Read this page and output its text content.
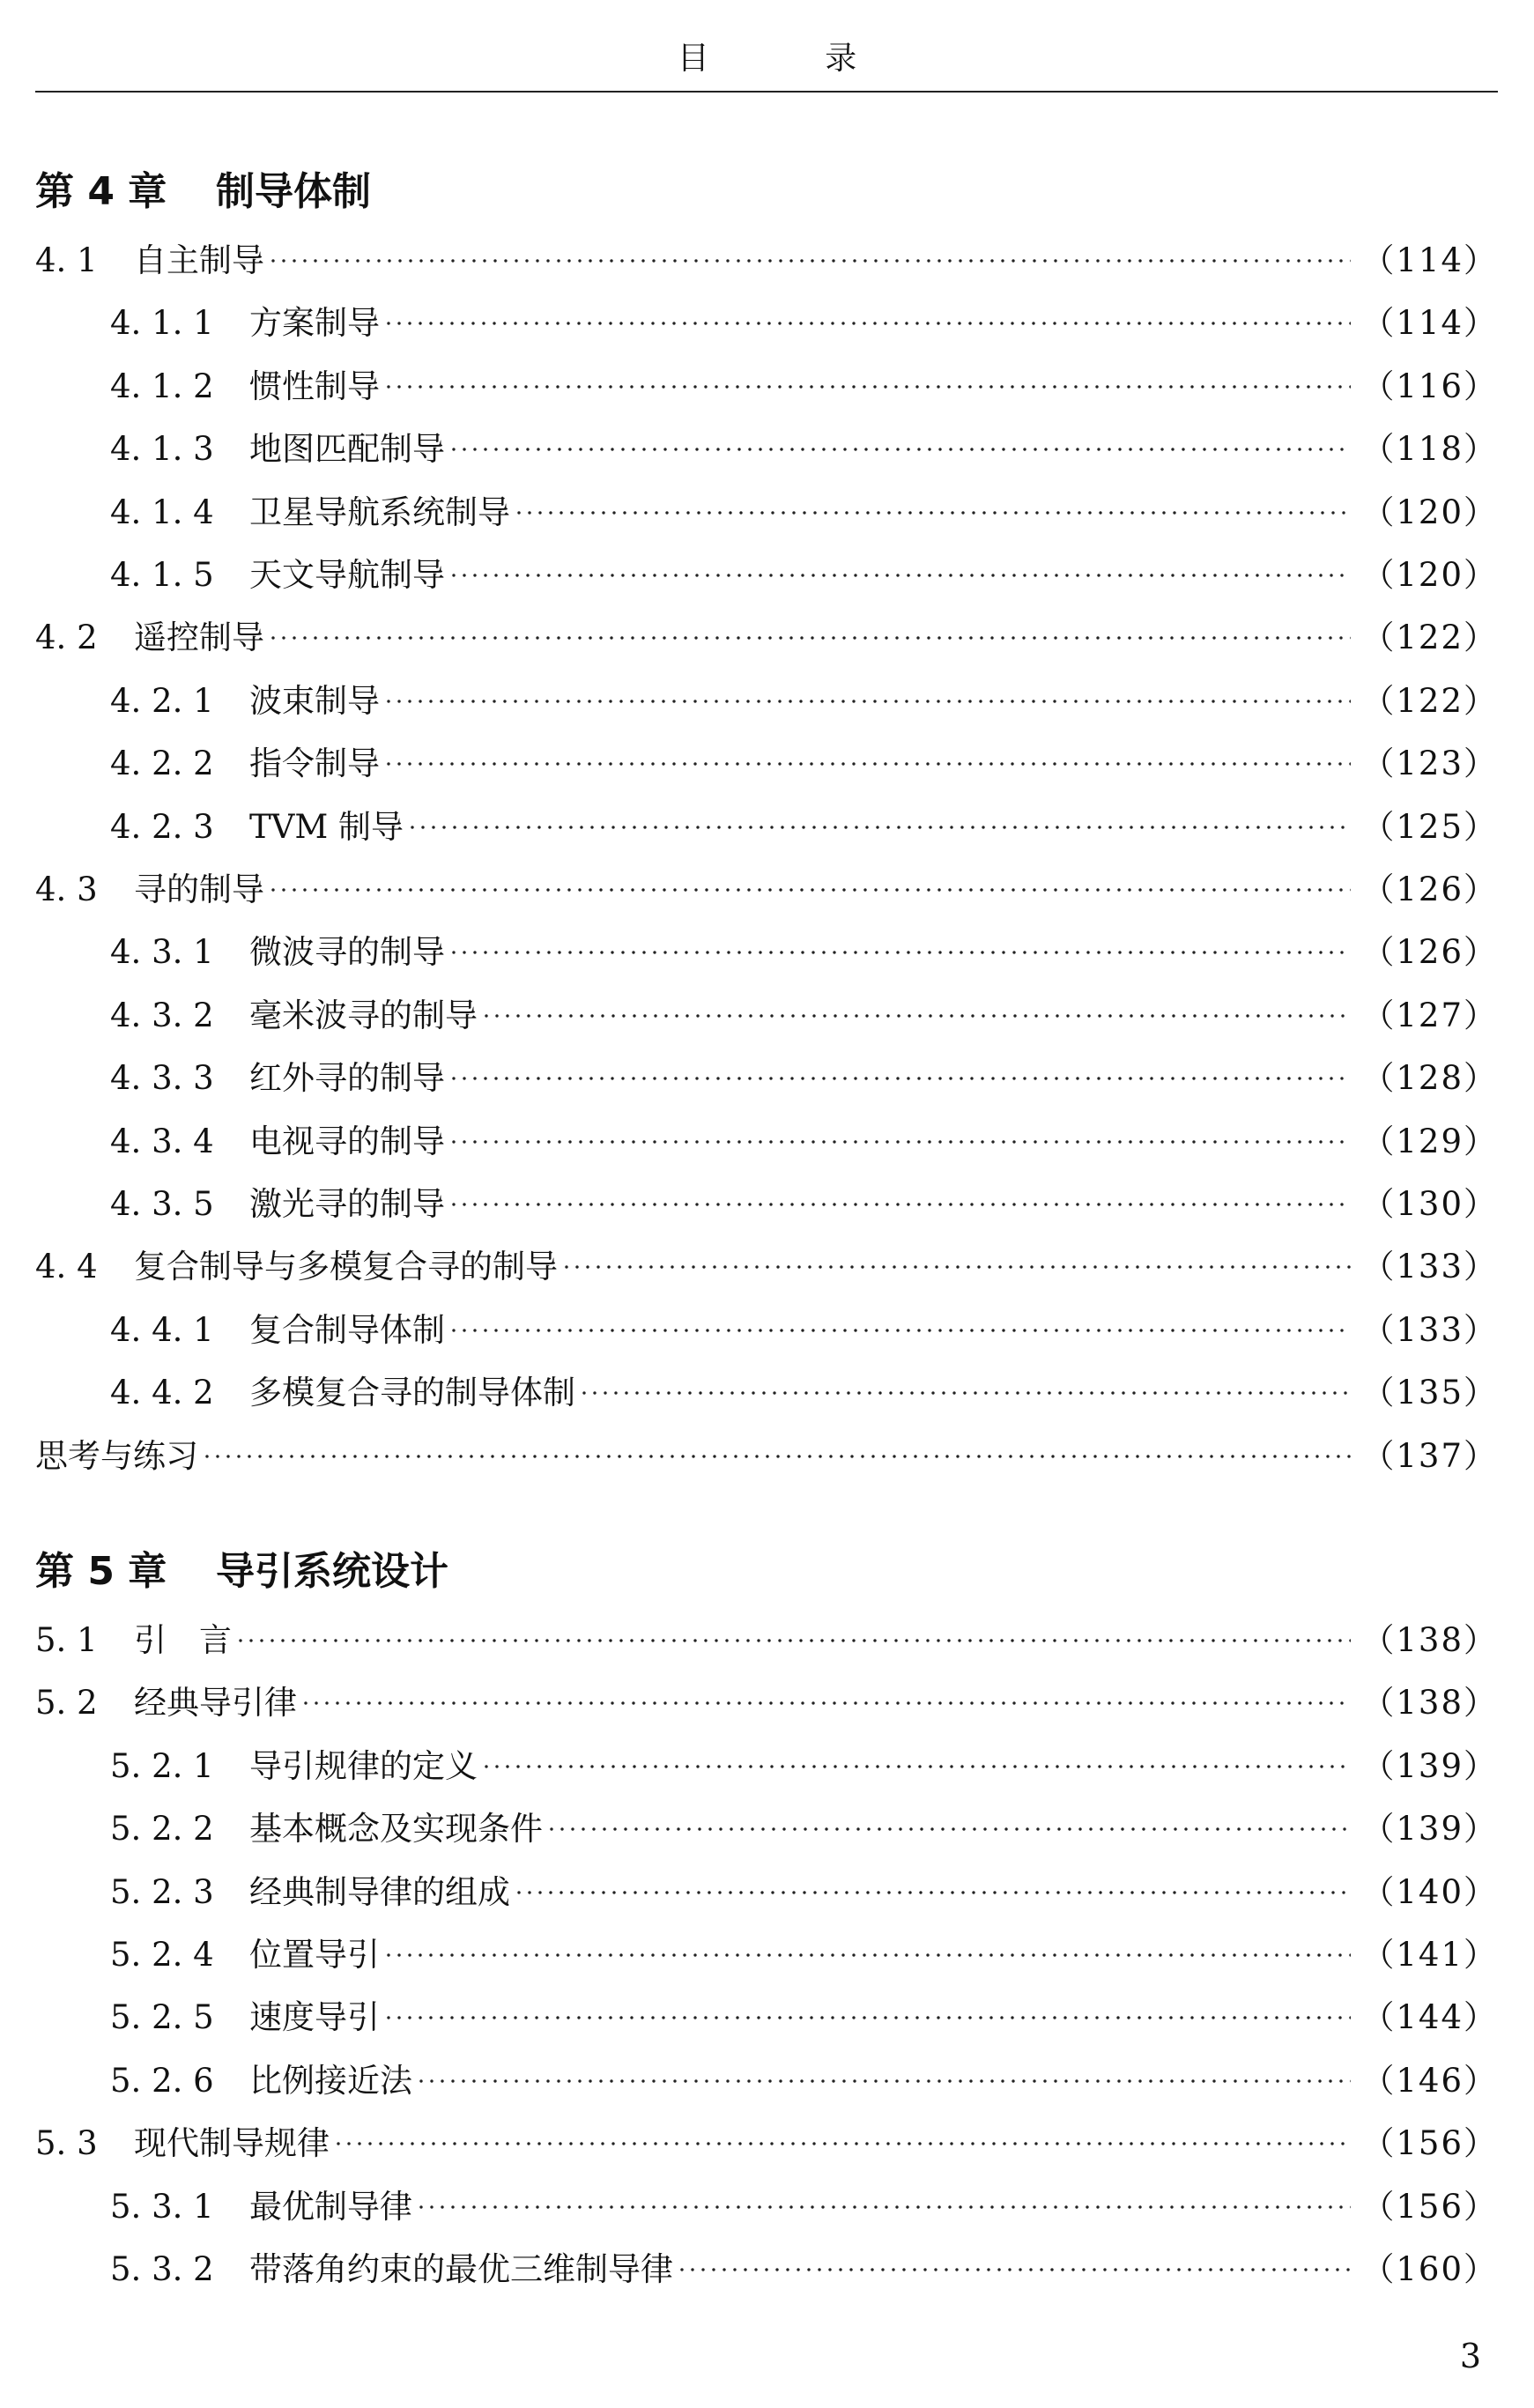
目 录
第 4 章 制导体制
4. 1	自主制导	（114）
4. 1. 1	方案制导	（114）
4. 1. 2	惯性制导	（116）
4. 1. 3	地图匹配制导	（118）
4. 1. 4	卫星导航系统制导	（120）
4. 1. 5	天文导航制导	（120）
4. 2	遥控制导	（122）
4. 2. 1	波束制导	（122）
4. 2. 2	指令制导	（123）
4. 2. 3	TVM 制导	（125）
4. 3	寻的制导	（126）
4. 3. 1	微波寻的制导	（126）
4. 3. 2	毫米波寻的制导	（127）
4. 3. 3	红外寻的制导	（128）
4. 3. 4	电视寻的制导	（129）
4. 3. 5	激光寻的制导	（130）
4. 4	复合制导与多模复合寻的制导	（133）
4. 4. 1	复合制导体制	（133）
4. 4. 2	多模复合寻的制导体制	（135）
思考与练习	（137）
第 5 章 导引系统设计
5. 1	引　言	（138）
5. 2	经典导引律	（138）
5. 2. 1	导引规律的定义	（139）
5. 2. 2	基本概念及实现条件	（139）
5. 2. 3	经典制导律的组成	（140）
5. 2. 4	位置导引	（141）
5. 2. 5	速度导引	（144）
5. 2. 6	比例接近法	（146）
5. 3	现代制导规律	（156）
5. 3. 1	最优制导律	（156）
5. 3. 2	带落角约束的最优三维制导律	（160）
3
